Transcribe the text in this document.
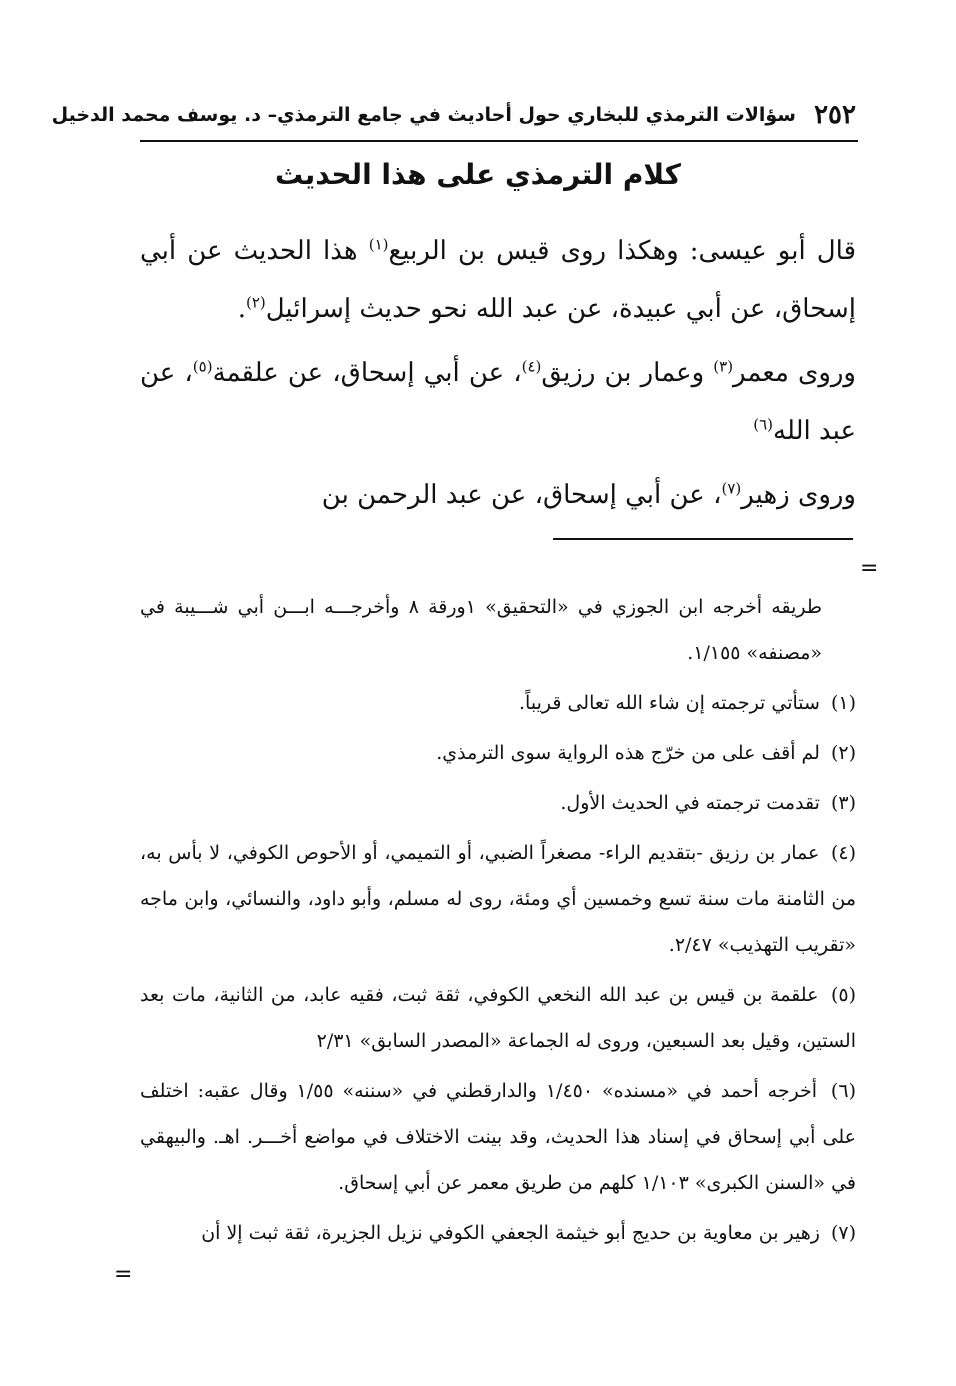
٢٥٢
سؤالات الترمذي للبخاري حول أحاديث في جامع الترمذي– د. يوسف محمد الدخيل
كلام الترمذي على هذا الحديث

قال أبو عيسى: وهكذا روى قيس بن الربيع$^{(١)}$ هذا الحديث عن أبي إسحاق، عن أبي عبيدة، عن عبد الله نحو حديث إسرائيل$^{(٢)}$.

وروى معمر$^{(٣)}$ وعمار بن رزيق$^{(٤)}$، عن أبي إسحاق، عن علقمة$^{(٥)}$، عن عبد الله$^{(٦)}$

وروى زهير$^{(٧)}$، عن أبي إسحاق، عن عبد الرحمن بن

=

طريقه أخرجه ابن الجوزي في «التحقيق» ١ورقة ٨ وأخرجـــه ابـــن أبي شـــيبة في «مصنفه» ١/١٥٥.

(١) ستأتي ترجمته إن شاء الله تعالى قريباً.

(٢) لم أقف على من خرّج هذه الرواية سوى الترمذي.

(٣) تقدمت ترجمته في الحديث الأول.

(٤) عمار بن رزيق -بتقديم الراء- مصغراً الضبي، أو التميمي، أو الأحوص الكوفي، لا بأس به، من الثامنة مات سنة تسع وخمسين أي ومئة، روى له مسلم، وأبو داود، والنسائي، وابن ماجه «تقريب التهذيب» ٢/٤٧.

(٥) علقمة بن قيس بن عبد الله النخعي الكوفي، ثقة ثبت، فقيه عابد، من الثانية، مات بعد الستين، وقيل بعد السبعين، وروى له الجماعة «المصدر السابق» ٢/٣١

(٦) أخرجه أحمد في «مسنده» ١/٤٥٠ والدارقطني في «سننه» ١/٥٥ وقال عقبه: اختلف على أبي إسحاق في إسناد هذا الحديث، وقد بينت الاختلاف في مواضع أخـــر. اهـ. والبيهقي في «السنن الكبرى» ١/١٠٣ كلهم من طريق معمر عن أبي إسحاق.

(٧) زهير بن معاوية بن حديج أبو خيثمة الجعفي الكوفي نزيل الجزيرة، ثقة ثبت إلا أن

=
